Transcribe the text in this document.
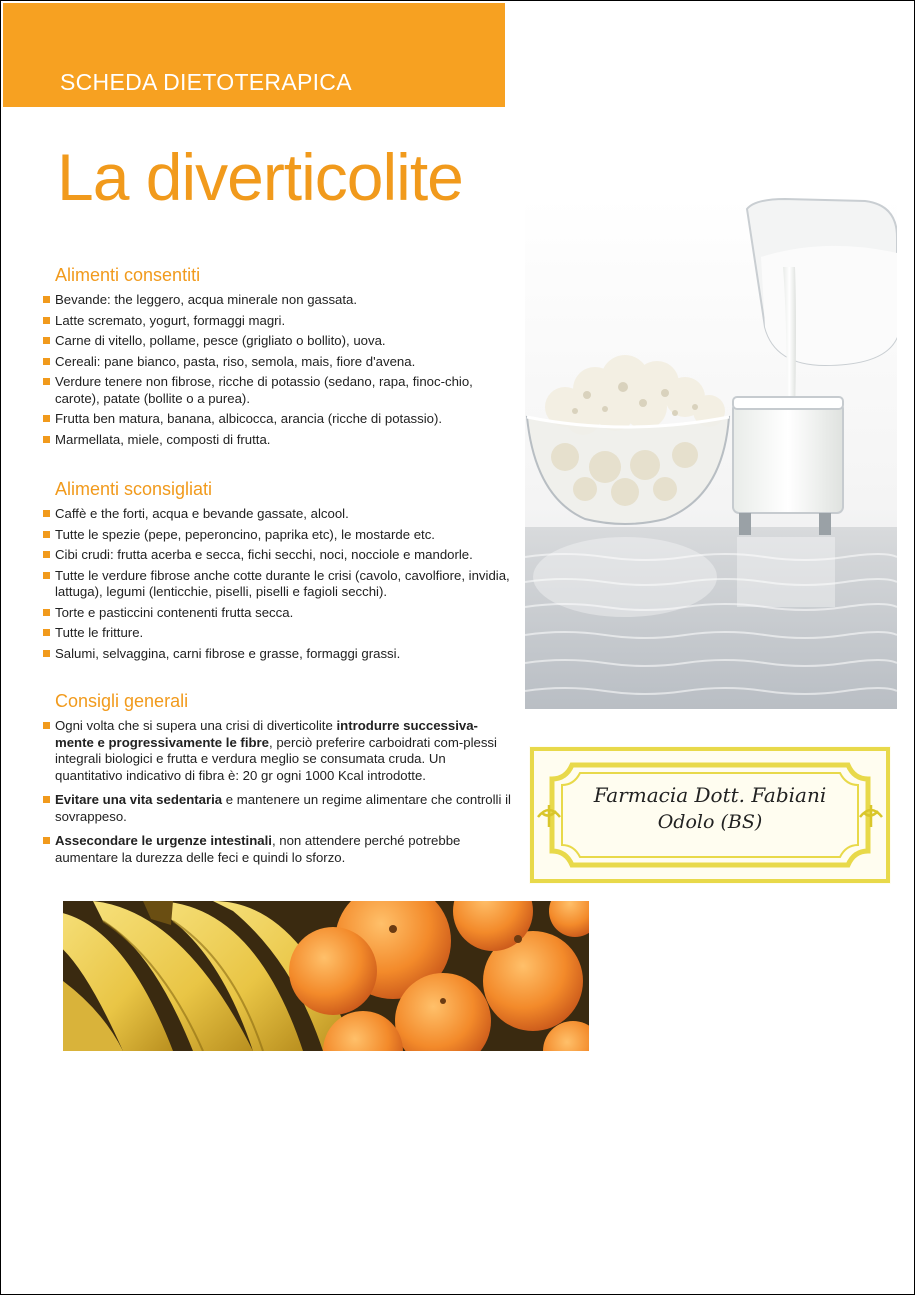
SCHEDA DIETOTERAPICA
La diverticolite
Alimenti consentiti
Bevande: the leggero, acqua minerale non gassata.
Latte scremato, yogurt, formaggi magri.
Carne di vitello, pollame, pesce (grigliato o bollito), uova.
Cereali: pane bianco, pasta, riso, semola, mais, fiore d'avena.
Verdure tenere non fibrose, ricche di potassio (sedano, rapa, finoc-chio, carote), patate (bollite o a purea).
Frutta ben matura, banana, albicocca, arancia (ricche di potassio).
Marmellata, miele, composti di frutta.
Alimenti sconsigliati
Caffè e the forti, acqua e bevande gassate, alcool.
Tutte le spezie (pepe, peperoncino, paprika etc), le mostarde etc.
Cibi crudi: frutta acerba e secca, fichi secchi, noci, nocciole e mandorle.
Tutte le verdure fibrose anche cotte durante le crisi (cavolo, cavolfiore, invidia, lattuga), legumi (lenticchie, piselli, piselli e fagioli secchi).
Torte e pasticcini contenenti frutta secca.
Tutte le fritture.
Salumi, selvaggina, carni fibrose e grasse, formaggi grassi.
Consigli generali
Ogni volta che si supera una crisi di diverticolite introdurre successiva-mente e progressivamente le fibre, perciò preferire carboidrati com-plessi integrali biologici e frutta e verdura meglio se consumata cruda. Un quantitativo indicativo di fibra è: 20 gr ogni 1000 Kcal introdotte.
Evitare una vita sedentaria e mantenere un regime alimentare che controlli il sovrappeso.
Assecondare le urgenze intestinali, non attendere perché potrebbe aumentare la durezza delle feci e quindi lo sforzo.
Farmacia Dott. Fabiani
Odolo (BS)
